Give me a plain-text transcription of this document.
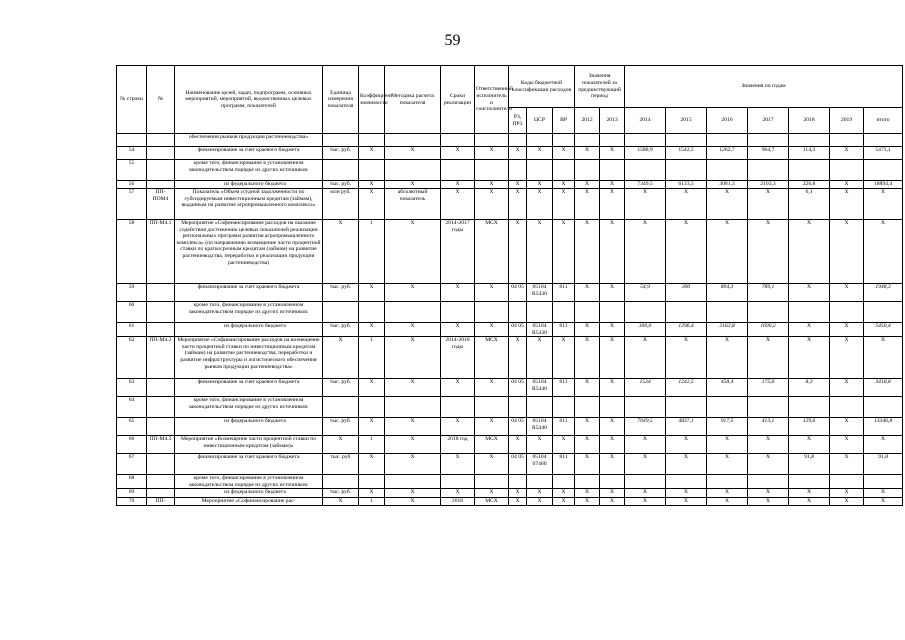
59
№ строки	№	Наименование целей, задач, подпрограмм, основных мероприятий, мероприятий, ведомственных целевых программ, показателей	Единица измерения показателя	Коэффициент значимости	Методика расчета показателя	Сроки реализации	Ответственный исполнитель и соисполнители	Коды бюджетной классификации расходов			Значения показателей за предшествующий период		Значения по годам						

								РЗ, ПР3	ЦСР	ВР	2012	2013	2014	2015	2016	2017	2018	2019	итого
		обеспечения рынков продукции растениеводства»																	
54		финансирование за счет краевого бюджета	тыс. руб.	X	X	X	X	X	X	X	X	X	1588,9	1542,5	1262,7	964,7	114,3	X	5473,1
55		кроме того, финансирование в установленном законодательством порядке из других источников:																	
56		из федерального бюджета	тыс. руб.	X	X	X	X	X	X	X	X	X	7349,5	6133,5	3081,3	2103,3	226,8	X	18894,4
57	ПП-ПОМ4	Показатель «Объем ссудной задолженности по субсидируемым инвестиционным кредитам (займам), выданным на развитие агропромышленного комплекса»	млн руб.	X	абсолютный показатель	X	X	X	X	X	X	X	X	X	X	X	6,1	X	X
58	ПП-М4.1	Мероприятие «Софинансирование расходов на оказание содействия достижению целевых показателей реализации региональных программ развития агропромышленного комплекса» (по направлению возмещение части процентной ставки по краткосрочным кредитам (займам) на развитие растениеводства, переработки и реализации продукции растениеводства)	X	1	X	2014-2017 годы	МСХ	X	X	X	X	X	X	X	X	X	X	X	X
59		финансирование за счет краевого бюджета	тыс. руб.	X	X	X	X	04 05	05104 R5430	811	X	X	54,9	300	804,3	789,1	X	X	1948,3
60		кроме того, финансирование в установленном законодательством порядке из других источников:																	
61		из федерального бюджета	тыс. руб.	X	X	X	X	04 05	05104 R5430	811	X	X	300,0	1296,4	2163,8	1690,2	X	X	5450,4
62	ПП-М4.2	Мероприятие «Софинансирование расходов на возмещение части процентной ставки по инвестиционным кредитам (займам) на развитие растениеводства, переработки и развитие инфраструктуры и логистического обеспечения рынков продукции растениеводства»	X	1	X	2014-2018 годы	МСХ	X	X	X	X	X	X	X	X	X	X	X	X
63		финансирование за счет краевого бюджета	тыс. руб.	X	X	X	X	04 05	05104 R5440	811	X	X	1534	1242,5	458,4	175,6	8,3	X	3418,8
64		кроме того, финансирование в установленном законодательством порядке из других источников:																	
65		из федерального бюджета	тыс. руб.	X	X	X	X	04 05	05104 R5440	811	X	X	7049,5	4837,1	917,5	413,1	129,6	X	13346,8
66	ПП-М4.3	Мероприятие «Возмещение части процентной ставки по инвестиционным кредитам (займам)»	X	1	X	2018 год	МСХ	X	X	X	X	X	X	X	X	X	X	X	X
67		финансирование за счет краевого бюджета	тыс. руб	X	X	X	X	04 05	05104 07460	811	X	X	X	X	X	X	91,8	X	91,8
68		кроме того, финансирование в установленном законодательством порядке из других источников:																	
69		из федерального бюджета	тыс. руб.	X	X	X	X	X	X	X	X	X	X	X	X	X	X	X	X
70	ПП-	Мероприятие «Софинансирование рас-	X	1	X	2018	МСХ	X	X	X	X	X	X	X	X	X	X	X	X
